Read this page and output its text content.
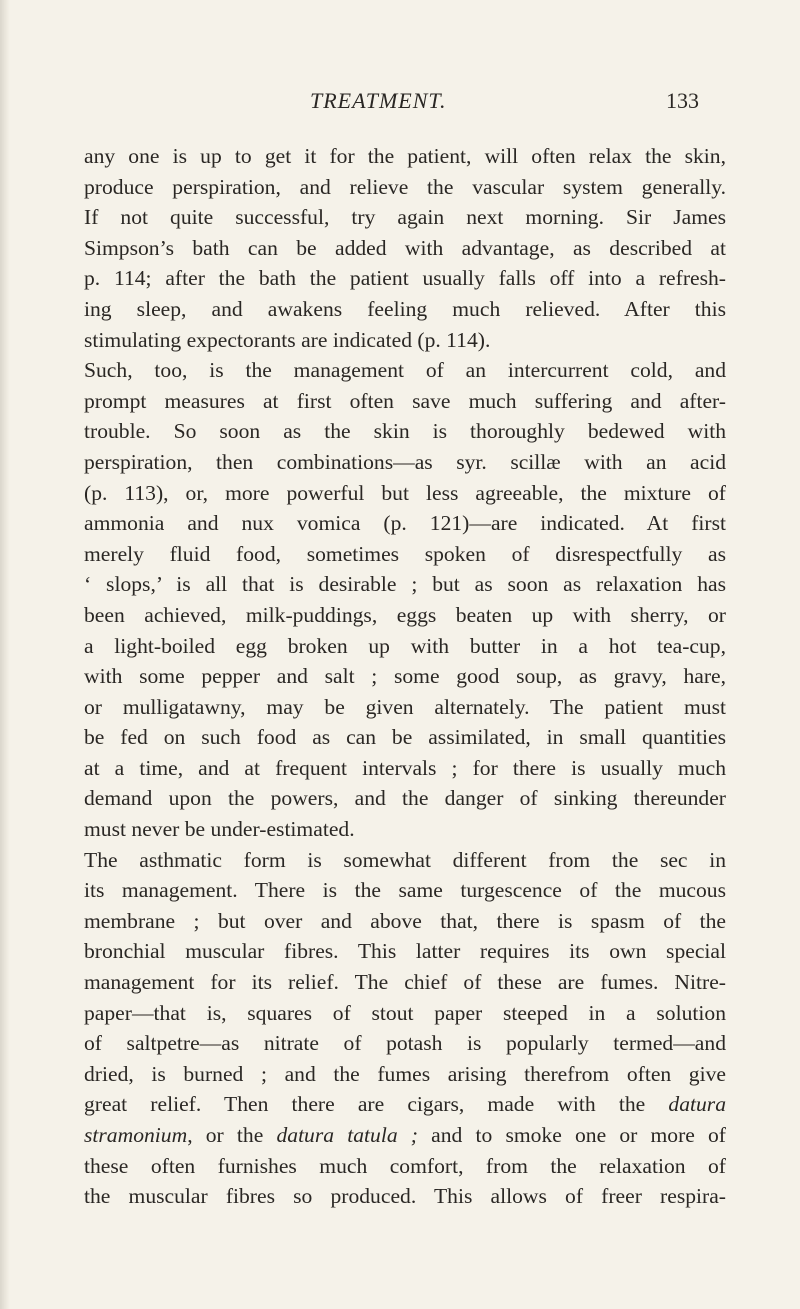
TREATMENT.	133
any one is up to get it for the patient, will often relax the skin,
produce perspiration, and relieve the vascular system generally.
If not quite successful, try again next morning. Sir James
Simpson’s bath can be added with advantage, as described at
p. 114; after the bath the patient usually falls off into a refresh-
ing sleep, and awakens feeling much relieved. After this
stimulating expectorants are indicated (p. 114).
Such, too, is the management of an intercurrent cold, and
prompt measures at first often save much suffering and after-
trouble. So soon as the skin is thoroughly bedewed with
perspiration, then combinations—as syr. scillæ with an acid
(p. 113), or, more powerful but less agreeable, the mixture of
ammonia and nux vomica (p. 121)—are indicated. At first
merely fluid food, sometimes spoken of disrespectfully as
‘ slops,’ is all that is desirable ; but as soon as relaxation has
been achieved, milk-puddings, eggs beaten up with sherry, or
a light-boiled egg broken up with butter in a hot tea-cup,
with some pepper and salt ; some good soup, as gravy, hare,
or mulligatawny, may be given alternately. The patient must
be fed on such food as can be assimilated, in small quantities
at a time, and at frequent intervals ; for there is usually much
demand upon the powers, and the danger of sinking thereunder
must never be under-estimated.
The asthmatic form is somewhat different from the sec in
its management. There is the same turgescence of the mucous
membrane ; but over and above that, there is spasm of the
bronchial muscular fibres. This latter requires its own special
management for its relief. The chief of these are fumes. Nitre-
paper—that is, squares of stout paper steeped in a solution
of saltpetre—as nitrate of potash is popularly termed—and
dried, is burned ; and the fumes arising therefrom often give
great relief. Then there are cigars, made with the datura
stramonium, or the datura tatula ; and to smoke one or more of
these often furnishes much comfort, from the relaxation of
the muscular fibres so produced. This allows of freer respira-
